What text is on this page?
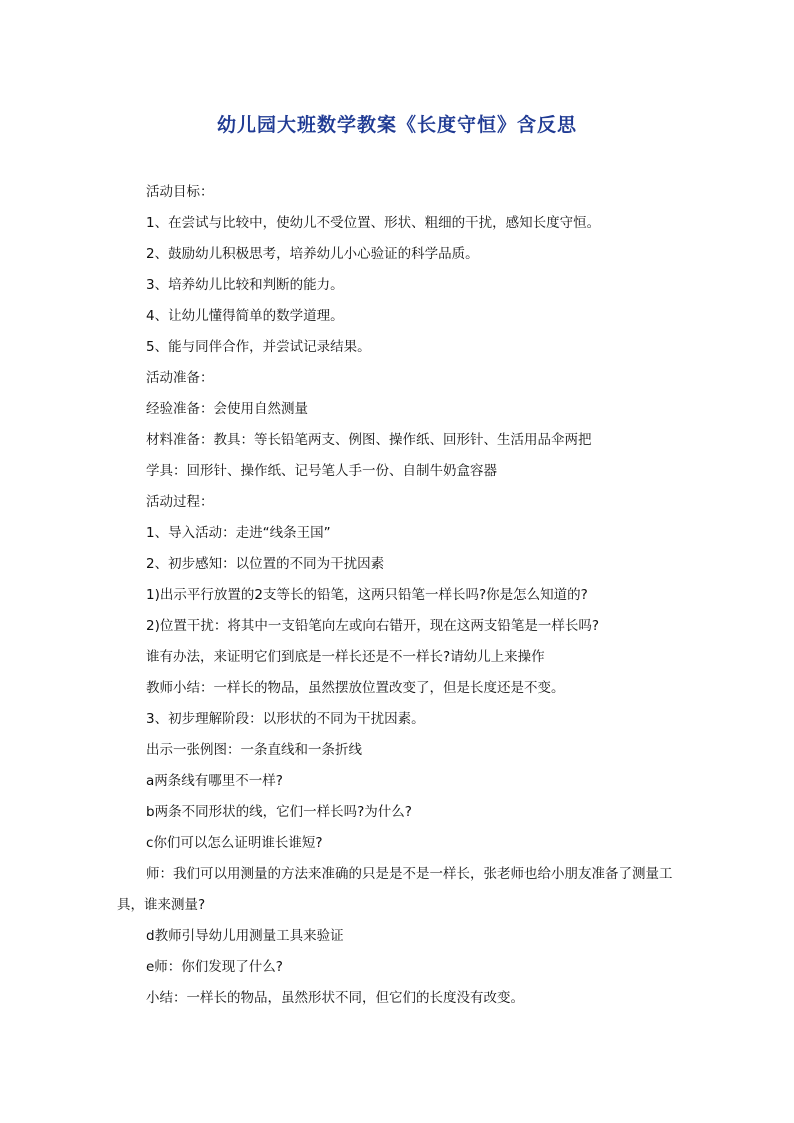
幼儿园大班数学教案《长度守恒》含反思

活动目标：

1、在尝试与比较中，使幼儿不受位置、形状、粗细的干扰，感知长度守恒。

2、鼓励幼儿积极思考，培养幼儿小心验证的科学品质。

3、培养幼儿比较和判断的能力。

4、让幼儿懂得简单的数学道理。

5、能与同伴合作，并尝试记录结果。

活动准备：

经验准备：会使用自然测量

材料准备：教具：等长铅笔两支、例图、操作纸、回形针、生活用品伞两把

学具：回形针、操作纸、记号笔人手一份、自制牛奶盒容器

活动过程：

1、导入活动：走进“线条王国”

2、初步感知：以位置的不同为干扰因素

1)出示平行放置的2支等长的铅笔，这两只铅笔一样长吗?你是怎么知道的?

2)位置干扰：将其中一支铅笔向左或向右错开，现在这两支铅笔是一样长吗?

谁有办法，来证明它们到底是一样长还是不一样长?请幼儿上来操作

教师小结：一样长的物品，虽然摆放位置改变了，但是长度还是不变。

3、初步理解阶段：以形状的不同为干扰因素。

出示一张例图：一条直线和一条折线

a两条线有哪里不一样?

b两条不同形状的线，它们一样长吗?为什么?

c你们可以怎么证明谁长谁短?

师：我们可以用测量的方法来准确的只是是不是一样长，张老师也给小朋友准备了测量工具，谁来测量?

d教师引导幼儿用测量工具来验证

e师：你们发现了什么?

小结：一样长的物品，虽然形状不同，但它们的长度没有改变。
